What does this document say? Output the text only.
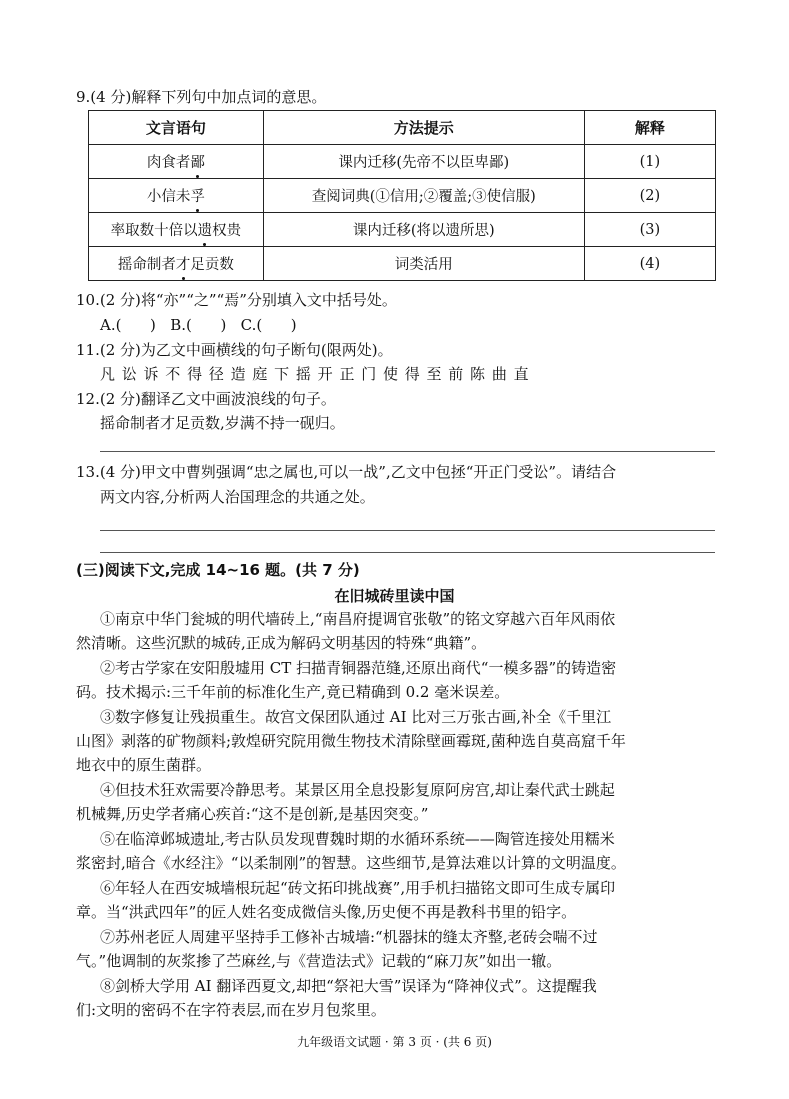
9.(4 分)解释下列句中加点词的意思。
文言语句	方法提示	解释
肉食者鄙	课内迁移(先帝不以臣卑鄙)	(1)
小信未孚	查阅词典(①信用;②覆盖;③使信服)	(2)
率取数十倍以遗权贵	课内迁移(将以遗所思)	(3)
摇命制者才足贡数	词类活用	(4)
10.(2 分)将“亦”“之”“焉”分别填入文中括号处。
A.(      )   B.(      )   C.(      )
11.(2 分)为乙文中画横线的句子断句(限两处)。
凡 讼 诉 不 得 径 造 庭 下 摇 开 正 门 使 得 至 前 陈 曲 直
12.(2 分)翻译乙文中画波浪线的句子。
摇命制者才足贡数,岁满不持一砚归。
13.(4 分)甲文中曹刿强调“忠之属也,可以一战”,乙文中包拯“开正门受讼”。请结合
两文内容,分析两人治国理念的共通之处。
(三)阅读下文,完成 14~16 题。(共 7 分)
在旧城砖里读中国
①南京中华门瓮城的明代墙砖上,“南昌府提调官张敬”的铭文穿越六百年风雨依
然清晰。这些沉默的城砖,正成为解码文明基因的特殊“典籍”。
②考古学家在安阳殷墟用 CT 扫描青铜器范缝,还原出商代“一模多器”的铸造密
码。技术揭示:三千年前的标准化生产,竟已精确到 0.2 毫米误差。
③数字修复让残损重生。故宫文保团队通过 AI 比对三万张古画,补全《千里江
山图》剥落的矿物颜料;敦煌研究院用微生物技术清除壁画霉斑,菌种选自莫高窟千年
地衣中的原生菌群。
④但技术狂欢需要冷静思考。某景区用全息投影复原阿房宫,却让秦代武士跳起
机械舞,历史学者痛心疾首:“这不是创新,是基因突变。”
⑤在临漳邺城遗址,考古队员发现曹魏时期的水循环系统——陶管连接处用糯米
浆密封,暗合《水经注》“以柔制刚”的智慧。这些细节,是算法难以计算的文明温度。
⑥年轻人在西安城墙根玩起“砖文拓印挑战赛”,用手机扫描铭文即可生成专属印
章。当“洪武四年”的匠人姓名变成微信头像,历史便不再是教科书里的铅字。
⑦苏州老匠人周建平坚持手工修补古城墙:“机器抹的缝太齐整,老砖会喘不过
气。”他调制的灰浆掺了苎麻丝,与《营造法式》记载的“麻刀灰”如出一辙。
⑧剑桥大学用 AI 翻译西夏文,却把“祭祀大雪”误译为“降神仪式”。这提醒我
们:文明的密码不在字符表层,而在岁月包浆里。
九年级语文试题 · 第 3 页 · (共 6 页)
